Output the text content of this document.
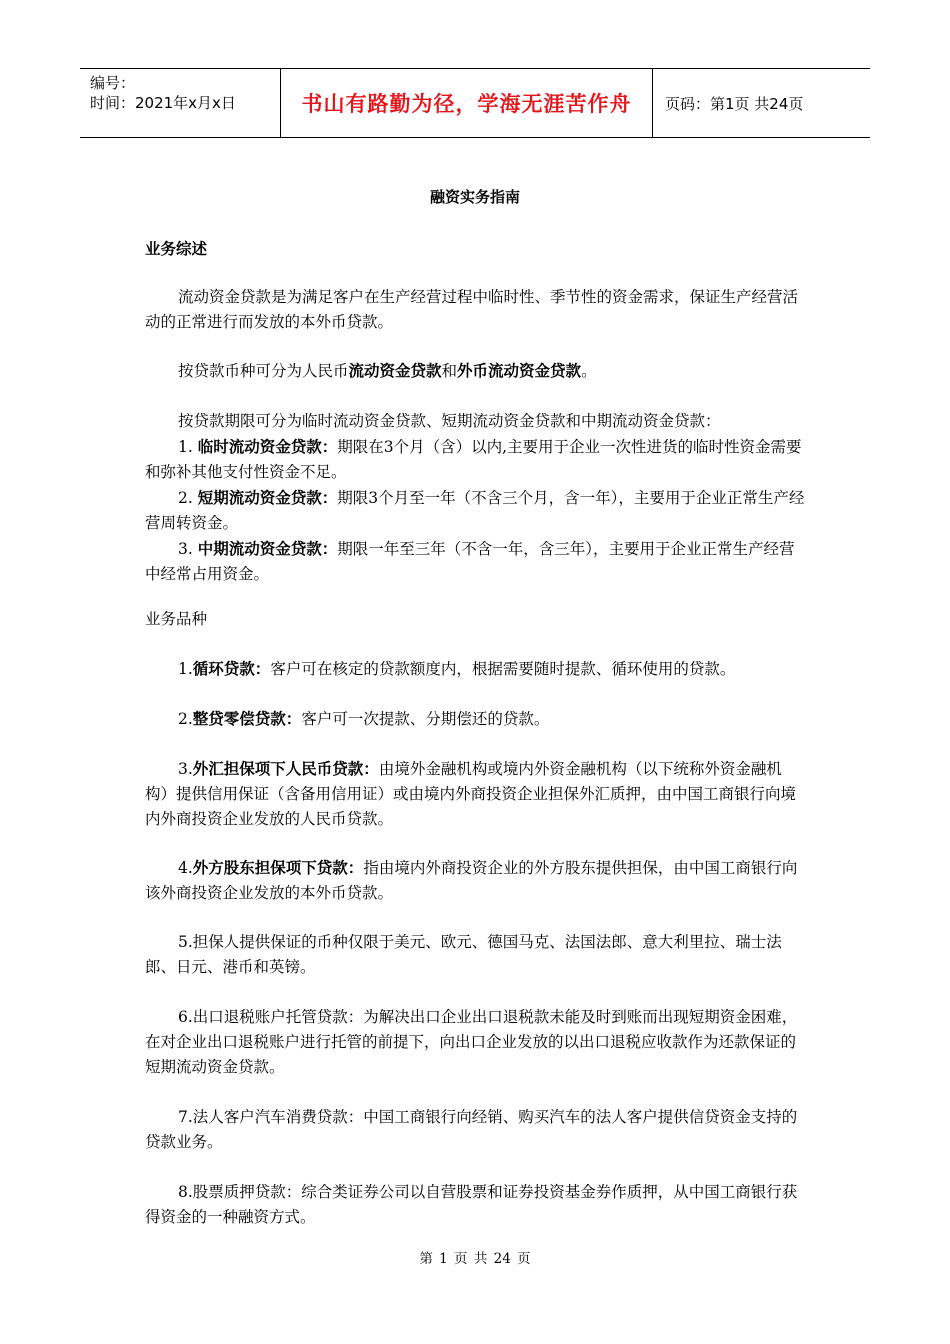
编号：
时间：2021年x月x日	书山有路勤为径，学海无涯苦作舟	页码：第1页 共24页
融资实务指南

业务综述

流动资金贷款是为满足客户在生产经营过程中临时性、季节性的资金需求，保证生产经营活动的正常进行而发放的本外币贷款。

按贷款币种可分为人民币流动资金贷款和外币流动资金贷款。

按贷款期限可分为临时流动资金贷款、短期流动资金贷款和中期流动资金贷款：

1. 临时流动资金贷款：期限在3个月（含）以内,主要用于企业一次性进货的临时性资金需要和弥补其他支付性资金不足。

2. 短期流动资金贷款：期限3个月至一年（不含三个月，含一年），主要用于企业正常生产经营周转资金。

3. 中期流动资金贷款：期限一年至三年（不含一年，含三年），主要用于企业正常生产经营中经常占用资金。

业务品种

1.循环贷款：客户可在核定的贷款额度内，根据需要随时提款、循环使用的贷款。

2.整贷零偿贷款：客户可一次提款、分期偿还的贷款。

3.外汇担保项下人民币贷款：由境外金融机构或境内外资金融机构（以下统称外资金融机构）提供信用保证（含备用信用证）或由境内外商投资企业担保外汇质押，由中国工商银行向境内外商投资企业发放的人民币贷款。

4.外方股东担保项下贷款：指由境内外商投资企业的外方股东提供担保，由中国工商银行向该外商投资企业发放的本外币贷款。

5.担保人提供保证的币种仅限于美元、欧元、德国马克、法国法郎、意大利里拉、瑞士法郎、日元、港币和英镑。

6.出口退税账户托管贷款：为解决出口企业出口退税款未能及时到账而出现短期资金困难，在对企业出口退税账户进行托管的前提下，向出口企业发放的以出口退税应收款作为还款保证的短期流动资金贷款。

7.法人客户汽车消费贷款：中国工商银行向经销、购买汽车的法人客户提供信贷资金支持的贷款业务。

8.股票质押贷款：综合类证券公司以自营股票和证券投资基金券作质押，从中国工商银行获得资金的一种融资方式。

第 1 页 共 24 页
